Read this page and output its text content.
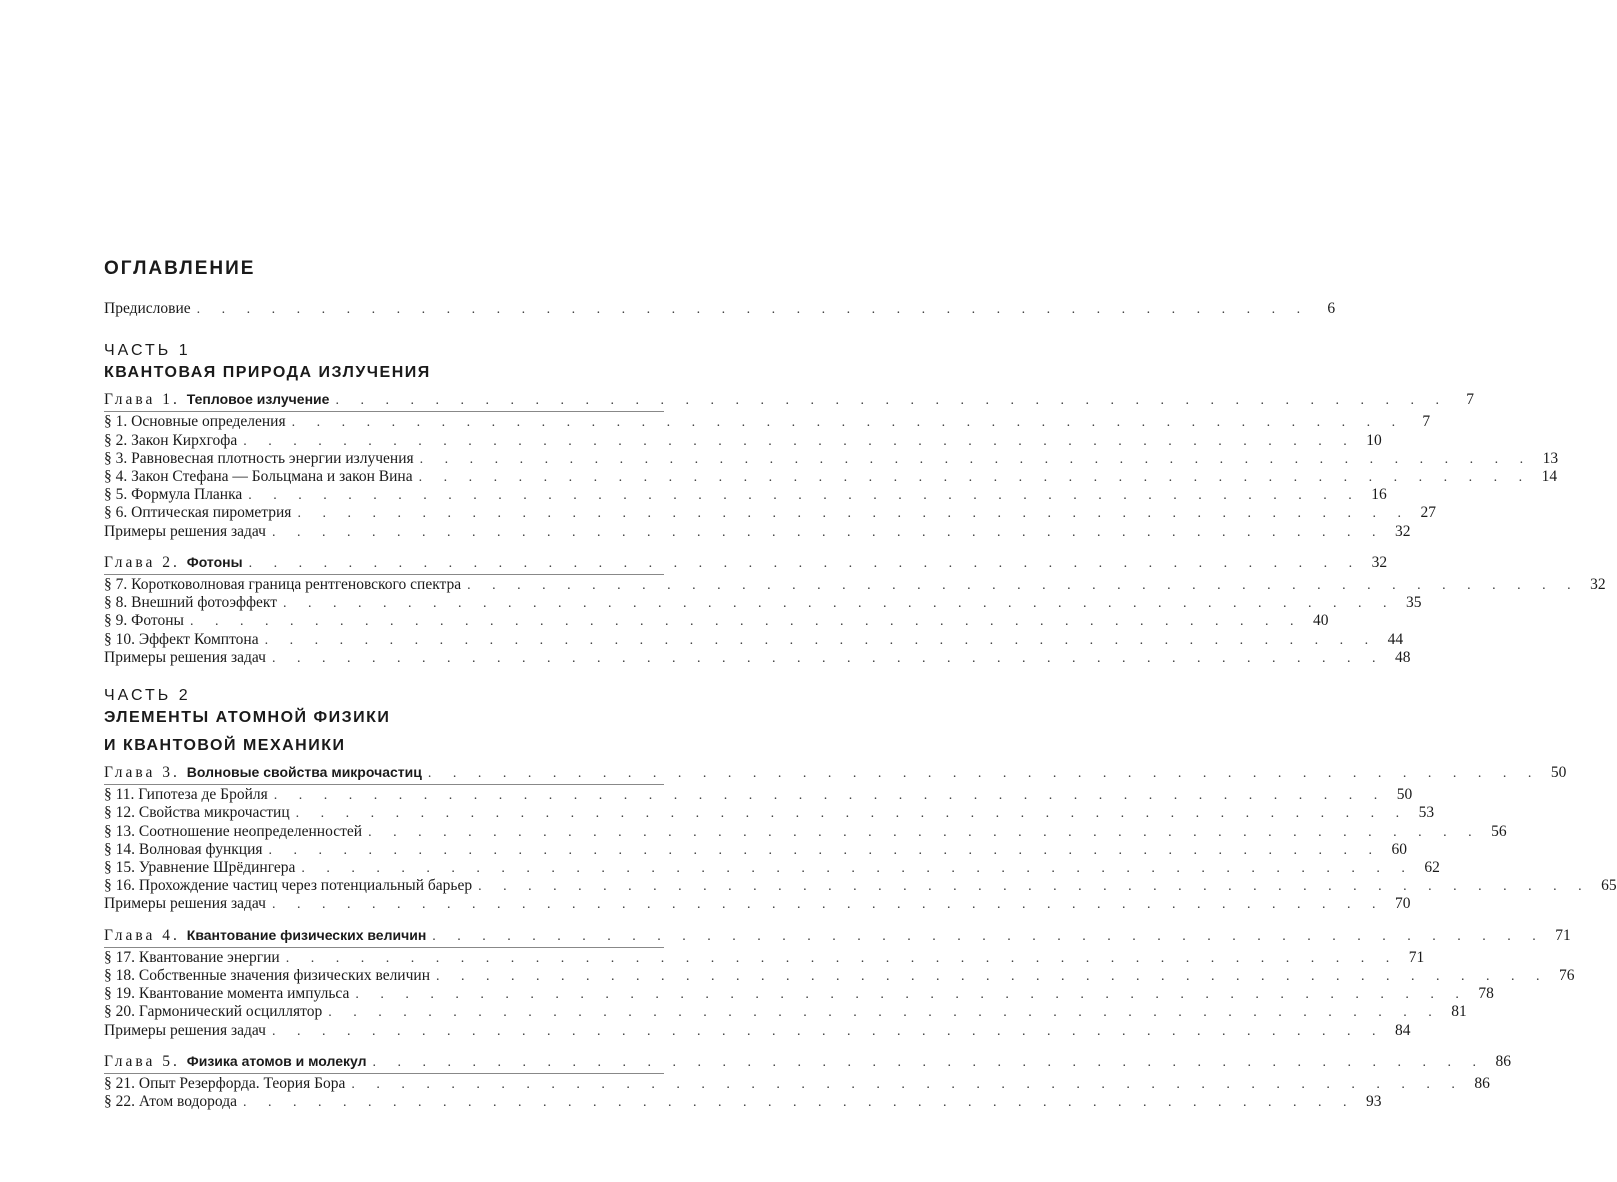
ОГЛАВЛЕНИЕ
Предисловие . . . . . . . . . . . . . . . . . . . . . . . . . . . . . . . . . . . . . . . . . . . . .	6
ЧАСТЬ 1
КВАНТОВАЯ ПРИРОДА ИЗЛУЧЕНИЯ
Глава 1. Тепловое излучение . . . . . . . . . . . . . . . . . . . . . . . . . . . . . . . . . . . . . . . . . . . . .	7
§ 1. Основные определения . . . . . . . . . . . . . . . . . . . . . . . . . . . . . . . . . . . . . . . . . . . . .	7
§ 2. Закон Кирхгофа . . . . . . . . . . . . . . . . . . . . . . . . . . . . . . . . . . . . . . . . . . . . . 10
§ 3. Равновесная плотность энергии излучения . . . . . . . . . . . . . . . . . . . . . . . . . . . . . . . . . . . . . . . . . . . . . 13
§ 4. Закон Стефана — Больцмана и закон Вина . . . . . . . . . . . . . . . . . . . . . . . . . . . . . . . . . . . . . . . . . . . . . 14
§ 5. Формула Планка . . . . . . . . . . . . . . . . . . . . . . . . . . . . . . . . . . . . . . . . . . . . . 16
§ 6. Оптическая пирометрия . . . . . . . . . . . . . . . . . . . . . . . . . . . . . . . . . . . . . . . . . . . . . 27
Примеры решения задач . . . . . . . . . . . . . . . . . . . . . . . . . . . . . . . . . . . . . . . . . . . . . 32
Глава 2. Фотоны . . . . . . . . . . . . . . . . . . . . . . . . . . . . . . . . . . . . . . . . . . . . . 32
§ 7. Коротковолновая граница рентгеновского спектра . . . . . . . . . . . . . . . . . . . . . . . . . . . . . . . . . . . . . . . . . . . . . 32
§ 8. Внешний фотоэффект . . . . . . . . . . . . . . . . . . . . . . . . . . . . . . . . . . . . . . . . . . . . . 35
§ 9. Фотоны . . . . . . . . . . . . . . . . . . . . . . . . . . . . . . . . . . . . . . . . . . . . . 40
§ 10. Эффект Комптона . . . . . . . . . . . . . . . . . . . . . . . . . . . . . . . . . . . . . . . . . . . . . 44
Примеры решения задач . . . . . . . . . . . . . . . . . . . . . . . . . . . . . . . . . . . . . . . . . . . . . 48
ЧАСТЬ 2
ЭЛЕМЕНТЫ АТОМНОЙ ФИЗИКИ
И КВАНТОВОЙ МЕХАНИКИ
Глава 3. Волновые свойства микрочастиц . . . . . . . . . . . . . . . . . . . . . . . . . . . . . . . . . . . . . . . . . . . . . 50
§ 11. Гипотеза де Бройля . . . . . . . . . . . . . . . . . . . . . . . . . . . . . . . . . . . . . . . . . . . . . 50
§ 12. Свойства микрочастиц . . . . . . . . . . . . . . . . . . . . . . . . . . . . . . . . . . . . . . . . . . . . . 53
§ 13. Соотношение неопределенностей . . . . . . . . . . . . . . . . . . . . . . . . . . . . . . . . . . . . . . . . . . . . . 56
§ 14. Волновая функция . . . . . . . . . . . . . . . . . . . . . . . . . . . . . . . . . . . . . . . . . . . . . 60
§ 15. Уравнение Шрёдингера . . . . . . . . . . . . . . . . . . . . . . . . . . . . . . . . . . . . . . . . . . . . . 62
§ 16. Прохождение частиц через потенциальный барьер . . . . . . . . . . . . . . . . . . . . . . . . . . . . . . . . . . . . . . . . . . . . . 65
Примеры решения задач . . . . . . . . . . . . . . . . . . . . . . . . . . . . . . . . . . . . . . . . . . . . . 70
Глава 4. Квантование физических величин . . . . . . . . . . . . . . . . . . . . . . . . . . . . . . . . . . . . . . . . . . . . . 71
§ 17. Квантование энергии . . . . . . . . . . . . . . . . . . . . . . . . . . . . . . . . . . . . . . . . . . . . . 71
§ 18. Собственные значения физических величин . . . . . . . . . . . . . . . . . . . . . . . . . . . . . . . . . . . . . . . . . . . . . 76
§ 19. Квантование момента импульса . . . . . . . . . . . . . . . . . . . . . . . . . . . . . . . . . . . . . . . . . . . . . 78
§ 20. Гармонический осциллятор . . . . . . . . . . . . . . . . . . . . . . . . . . . . . . . . . . . . . . . . . . . . . 81
Примеры решения задач . . . . . . . . . . . . . . . . . . . . . . . . . . . . . . . . . . . . . . . . . . . . . 84
Глава 5. Физика атомов и молекул . . . . . . . . . . . . . . . . . . . . . . . . . . . . . . . . . . . . . . . . . . . . . 86
§ 21. Опыт Резерфорда. Теория Бора . . . . . . . . . . . . . . . . . . . . . . . . . . . . . . . . . . . . . . . . . . . . . 86
§ 22. Атом водорода . . . . . . . . . . . . . . . . . . . . . . . . . . . . . . . . . . . . . . . . . . . . . 93
